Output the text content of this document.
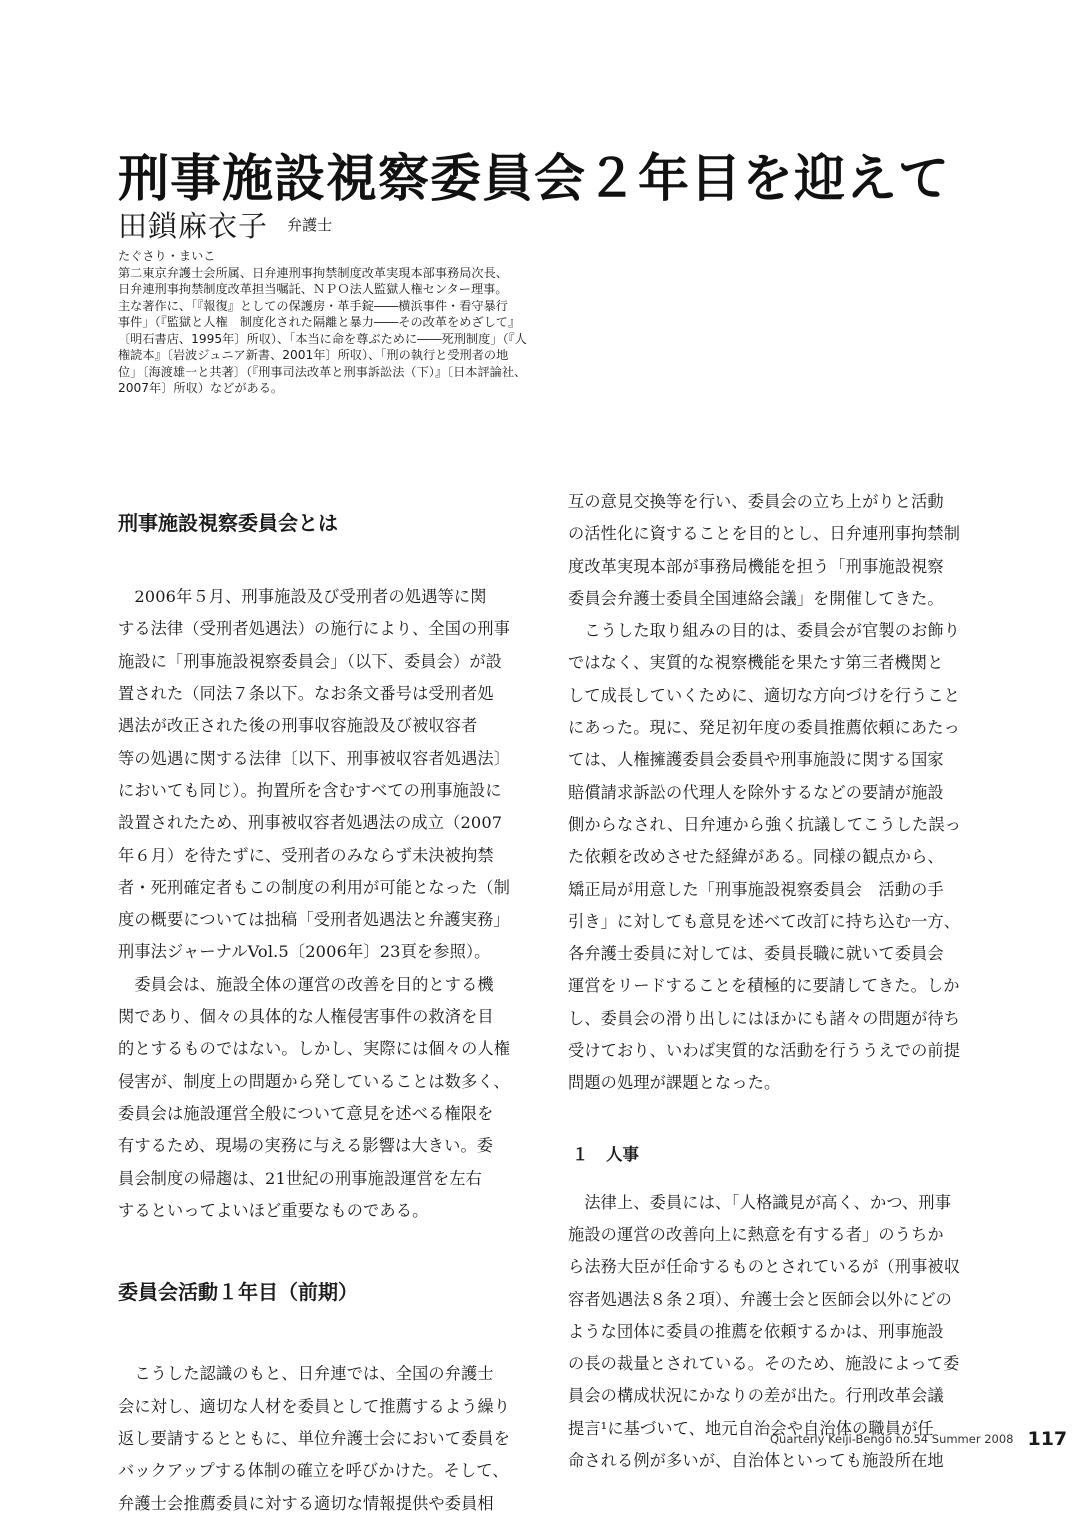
刑事施設視察委員会２年目を迎えて
田鎖麻衣子 弁護士
たぐさり・まいこ
第二東京弁護士会所属、日弁連刑事拘禁制度改革実現本部事務局次長、
日弁連刑事拘禁制度改革担当嘱託、ＮＰＯ法人監獄人権センター理事。
主な著作に、「『報復』としての保護房・革手錠――横浜事件・看守暴行
事件」（『監獄と人権　制度化された隔離と暴力――その改革をめざして』
〔明石書店、1995年〕所収）、「本当に命を尊ぶために――死刑制度」（『人
権読本』〔岩波ジュニア新書、2001年〕所収）、「刑の執行と受刑者の地
位」〔海渡雄一と共著〕（『刑事司法改革と刑事訴訟法（下）』〔日本評論社、
2007年〕所収）などがある。
刑事施設視察委員会とは
　2006年５月、刑事施設及び受刑者の処遇等に関
する法律（受刑者処遇法）の施行により、全国の刑事
施設に「刑事施設視察委員会」（以下、委員会）が設
置された（同法７条以下。なお条文番号は受刑者処
遇法が改正された後の刑事収容施設及び被収容者
等の処遇に関する法律〔以下、刑事被収容者処遇法〕
においても同じ）。拘置所を含むすべての刑事施設に
設置されたため、刑事被収容者処遇法の成立（2007
年６月）を待たずに、受刑者のみならず未決被拘禁
者・死刑確定者もこの制度の利用が可能となった（制
度の概要については拙稿「受刑者処遇法と弁護実務」
刑事法ジャーナルVol.5〔2006年〕23頁を参照）。
　委員会は、施設全体の運営の改善を目的とする機
関であり、個々の具体的な人権侵害事件の救済を目
的とするものではない。しかし、実際には個々の人権
侵害が、制度上の問題から発していることは数多く、
委員会は施設運営全般について意見を述べる権限を
有するため、現場の実務に与える影響は大きい。委
員会制度の帰趨は、21世紀の刑事施設運営を左右
するといってよいほど重要なものである。
委員会活動１年目（前期）
　こうした認識のもと、日弁連では、全国の弁護士
会に対し、適切な人材を委員として推薦するよう繰り
返し要請するとともに、単位弁護士会において委員を
バックアップする体制の確立を呼びかけた。そして、
弁護士会推薦委員に対する適切な情報提供や委員相
互の意見交換等を行い、委員会の立ち上がりと活動
の活性化に資することを目的とし、日弁連刑事拘禁制
度改革実現本部が事務局機能を担う「刑事施設視察
委員会弁護士委員全国連絡会議」を開催してきた。
　こうした取り組みの目的は、委員会が官製のお飾り
ではなく、実質的な視察機能を果たす第三者機関と
して成長していくために、適切な方向づけを行うこと
にあった。現に、発足初年度の委員推薦依頼にあたっ
ては、人権擁護委員会委員や刑事施設に関する国家
賠償請求訴訟の代理人を除外するなどの要請が施設
側からなされ、日弁連から強く抗議してこうした誤っ
た依頼を改めさせた経緯がある。同様の観点から、
矯正局が用意した「刑事施設視察委員会　活動の手
引き」に対しても意見を述べて改訂に持ち込む一方、
各弁護士委員に対しては、委員長職に就いて委員会
運営をリードすることを積極的に要請してきた。しか
し、委員会の滑り出しにはほかにも諸々の問題が待ち
受けており、いわば実質的な活動を行ううえでの前提
問題の処理が課題となった。
１ 人事
　法律上、委員には、「人格識見が高く、かつ、刑事
施設の運営の改善向上に熱意を有する者」のうちか
ら法務大臣が任命するものとされているが（刑事被収
容者処遇法８条２項）、弁護士会と医師会以外にどの
ような団体に委員の推薦を依頼するかは、刑事施設
の長の裁量とされている。そのため、施設によって委
員会の構成状況にかなりの差が出た。行刑改革会議
提言¹に基づいて、地元自治会や自治体の職員が任
命される例が多いが、自治体といっても施設所在地
Quarterly Keiji-Bengo no.54 Summer 2008 117
